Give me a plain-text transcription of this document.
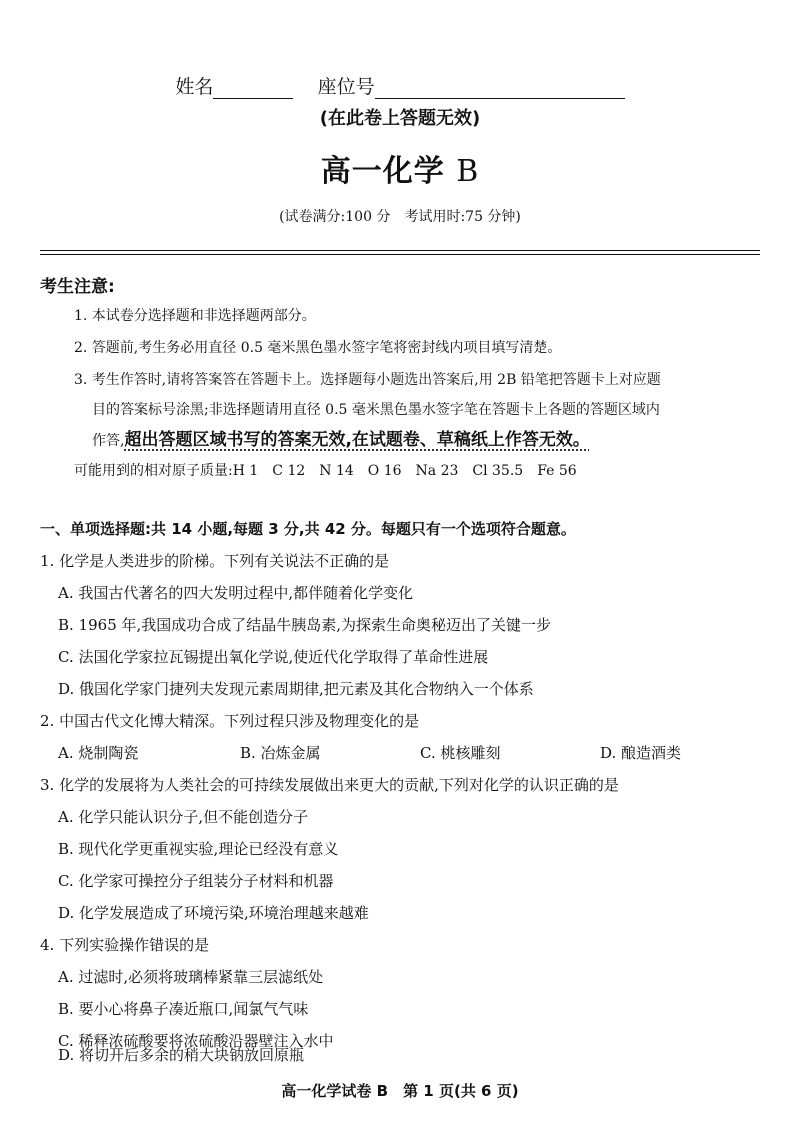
姓名	座位号
(在此卷上答题无效)
高一化学 B
(试卷满分:100 分　考试用时:75 分钟)
考生注意:
1. 本试卷分选择题和非选择题两部分。
2. 答题前,考生务必用直径 0.5 毫米黑色墨水签字笔将密封线内项目填写清楚。
3. 考生作答时,请将答案答在答题卡上。选择题每小题选出答案后,用 2B 铅笔把答题卡上对应题
目的答案标号涂黑;非选择题请用直径 0.5 毫米黑色墨水签字笔在答题卡上各题的答题区域内
作答,超出答题区域书写的答案无效,在试题卷、草稿纸上作答无效。
可能用到的相对原子质量:H 1　C 12　N 14　O 16　Na 23　Cl 35.5　Fe 56
一、单项选择题:共 14 小题,每题 3 分,共 42 分。每题只有一个选项符合题意。
1. 化学是人类进步的阶梯。下列有关说法不正确的是
A. 我国古代著名的四大发明过程中,都伴随着化学变化
B. 1965 年,我国成功合成了结晶牛胰岛素,为探索生命奥秘迈出了关键一步
C. 法国化学家拉瓦锡提出氧化学说,使近代化学取得了革命性进展
D. 俄国化学家门捷列夫发现元素周期律,把元素及其化合物纳入一个体系
2. 中国古代文化博大精深。下列过程只涉及物理变化的是
A. 烧制陶瓷	B. 冶炼金属	C. 桃核雕刻	D. 酿造酒类
3. 化学的发展将为人类社会的可持续发展做出来更大的贡献,下列对化学的认识正确的是
A. 化学只能认识分子,但不能创造分子
B. 现代化学更重视实验,理论已经没有意义
C. 化学家可操控分子组装分子材料和机器
D. 化学发展造成了环境污染,环境治理越来越难
4. 下列实验操作错误的是
A. 过滤时,必须将玻璃棒紧靠三层滤纸处
B. 要小心将鼻子凑近瓶口,闻氯气气味
C. 稀释浓硫酸要将浓硫酸沿器壁注入水中
D. 将切开后多余的稍大块钠放回原瓶
高一化学试卷 B　第 1 页(共 6 页)
